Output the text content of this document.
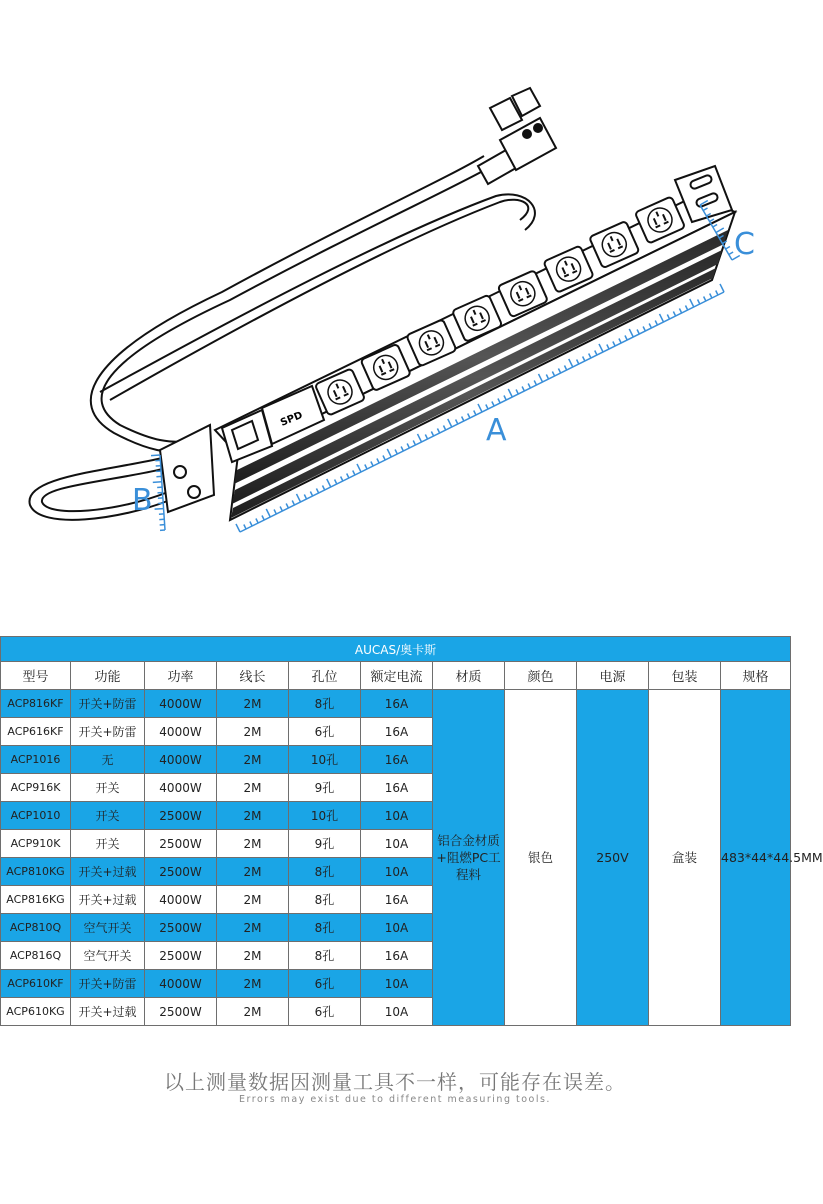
SPD	A
B
C
AUCAS/奥卡斯										
型号	功能	功率	线长	孔位	额定电流	材质	颜色	电源	包装	规格
ACP816KF	开关+防雷	4000W	2M	8孔	16A	铝合金材质+阻燃PC工程料	银色	250V	盒装	483*44*44.5MM
ACP616KF	开关+防雷	4000W	2M	6孔	16A					
ACP1016	无	4000W	2M	10孔	16A					
ACP916K	开关	4000W	2M	9孔	16A					
ACP1010	开关	2500W	2M	10孔	10A					
ACP910K	开关	2500W	2M	9孔	10A					
ACP810KG	开关+过载	2500W	2M	8孔	10A					
ACP816KG	开关+过载	4000W	2M	8孔	16A					
ACP810Q	空气开关	2500W	2M	8孔	10A					
ACP816Q	空气开关	2500W	2M	8孔	16A					
ACP610KF	开关+防雷	4000W	2M	6孔	10A					
ACP610KG	开关+过载	2500W	2M	6孔	10A					
以上测量数据因测量工具不一样，可能存在误差。
Errors may exist due to different measuring tools.
